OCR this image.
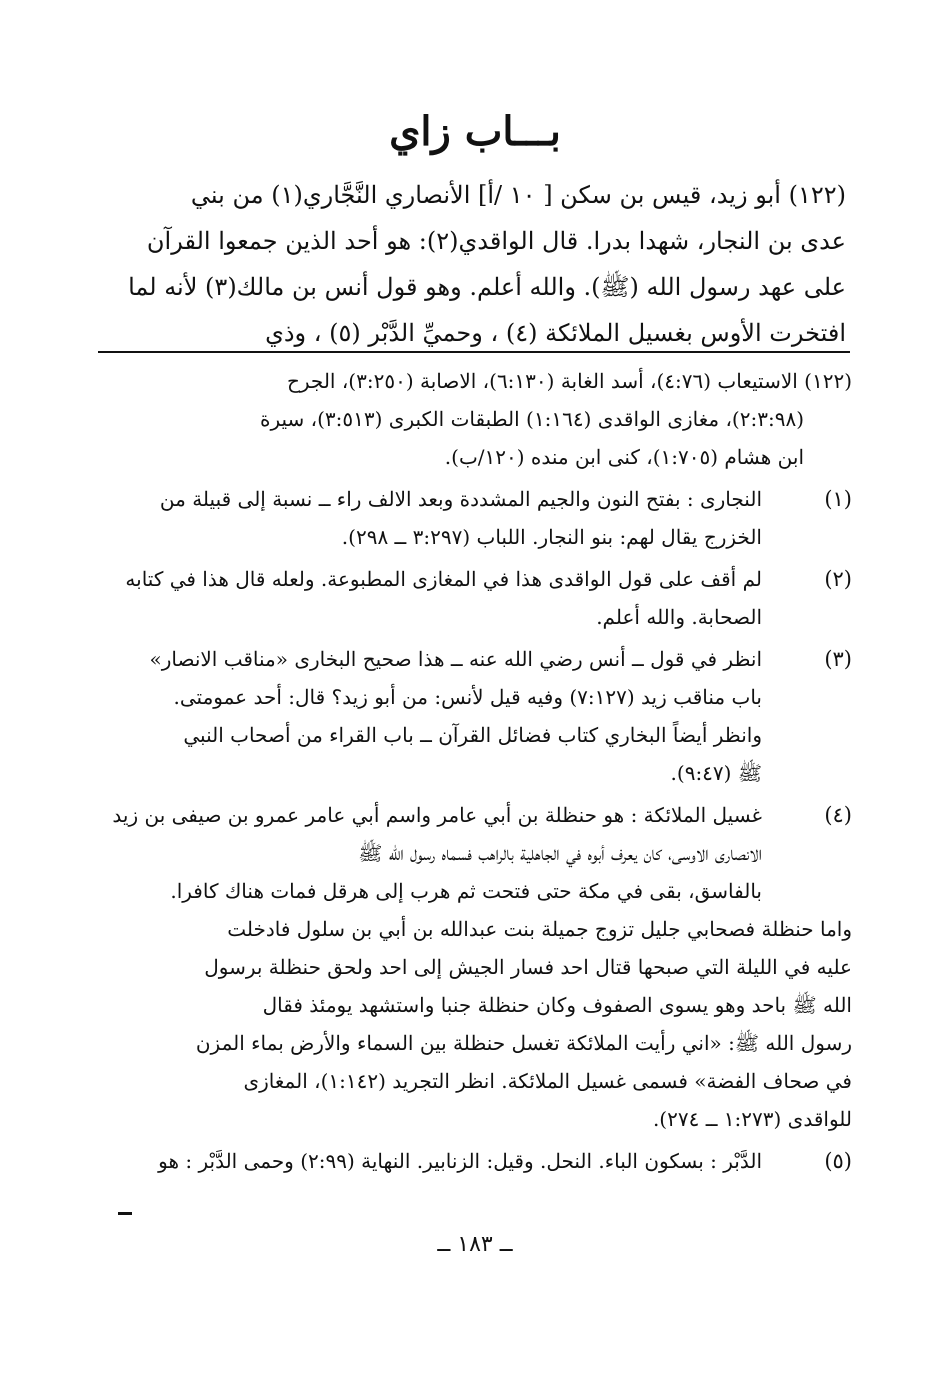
بـــاب زاي
(١٢٢) أبو زيد، قيس بن سكن [ ١٠ /أ] الأنصاري النَّجَّاري(١) من بني
عدى بن النجار، شهدا بدرا. قال الواقدي(٢): هو أحد الذين جمعوا القرآن
على عهد رسول الله (ﷺ). والله أعلم. وهو قول أنس بن مالك(٣) لأنه لما
افتخرت الأوس بغسيل الملائكة (٤) ، وحميِّ الدَّبْر (٥) ، وذي
(١٢٢) الاستيعاب (٤:٧٦)، أسد الغابة (٦:١٣٠)، الاصابة (٣:٢٥٠)، الجرح
(٢:٣:٩٨)، مغازى الواقدى (١:١٦٤) الطبقات الكبرى (٣:٥١٣)، سيرة
ابن هشام (١:٧٠٥)، كنى ابن منده (١٢٠/ب).
(١)
النجارى : بفتح النون والجيم المشددة وبعد الالف راء ــ نسبة إلى قبيلة من
الخزرج يقال لهم: بنو النجار. اللباب (٣:٢٩٧ ــ ٢٩٨).
(٢)
لم أقف على قول الواقدى هذا في المغازى المطبوعة. ولعله قال هذا في كتابه
الصحابة. والله أعلم.
(٣)
انظر في قول ــ أنس رضي الله عنه ــ هذا صحيح البخارى «مناقب الانصار»
باب مناقب زيد (٧:١٢٧) وفيه قيل لأنس: من أبو زيد؟ قال: أحد عمومتى.
وانظر أيضاً البخاري كتاب فضائل القرآن ــ باب القراء من أصحاب النبي
ﷺ (٩:٤٧).
(٤)
غسيل الملائكة : هو حنظلة بن أبي عامر واسم أبي عامر عمرو بن صيفى بن زيد
الانصارى الاوسى، كان يعرف أبوه في الجاهلية بالراهب فسماه رسول الله ﷺ
بالفاسق، بقى في مكة حتى فتحت ثم هرب إلى هرقل فمات هناك كافرا.
واما حنظلة فصحابي جليل تزوج جميلة بنت عبدالله بن أبي بن سلول فادخلت
عليه في الليلة التي صبحها قتال احد فسار الجيش إلى احد ولحق حنظلة برسول
الله ﷺ باحد وهو يسوى الصفوف وكان حنظلة جنبا واستشهد يومئذ فقال
رسول الله ﷺ: «اني رأيت الملائكة تغسل حنظلة بين السماء والأرض بماء المزن
في صحاف الفضة» فسمى غسيل الملائكة. انظر التجريد (١:١٤٢)، المغازى
للواقدى (١:٢٧٣ ــ ٢٧٤).
(٥)
الدَّبْر : بسكون الباء. النحل. وقيل: الزنابير. النهاية (٢:٩٩) وحمى الدَّبْر : هو
ــ ١٨٣ ــ
